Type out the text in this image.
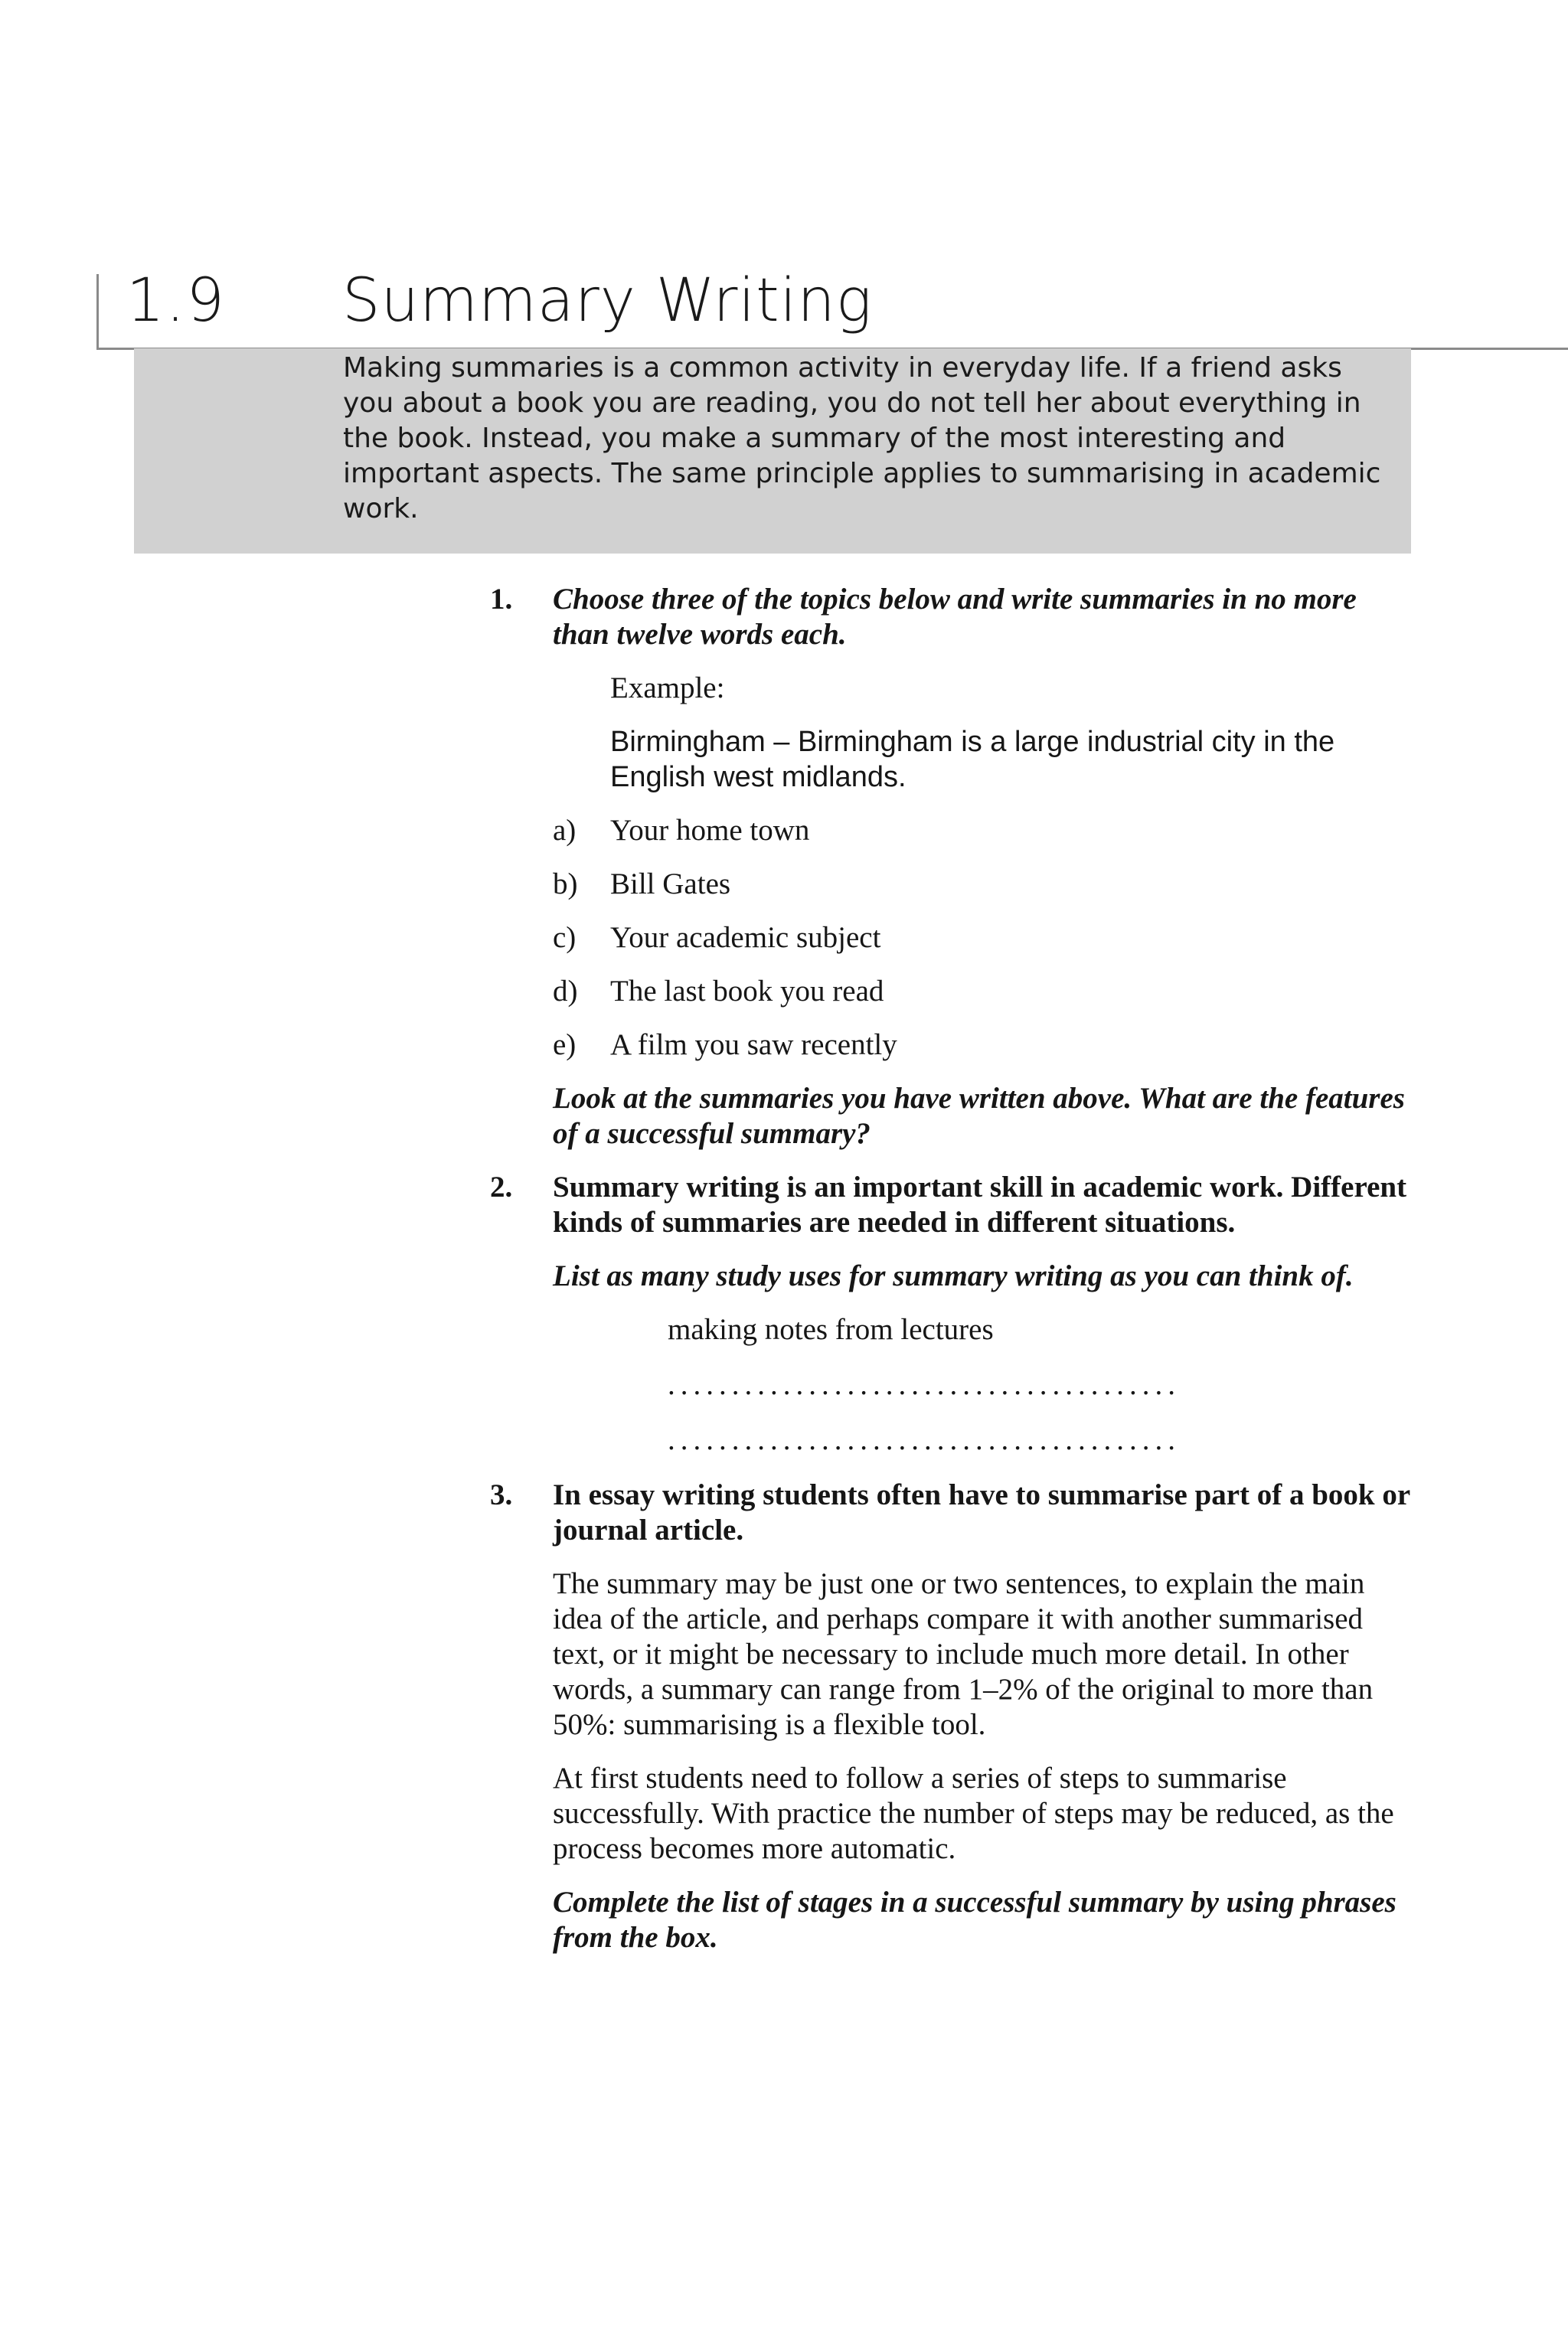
1.9 Summary Writing

Making summaries is a common activity in everyday life. If a friend asks you about a book you are reading, you do not tell her about everything in the book. Instead, you make a summary of the most interesting and important aspects. The same principle applies to summarising in academic work.

1. Choose three of the topics below and write summaries in no more than twelve words each.

Example:

Birmingham – Birmingham is a large industrial city in the English west midlands.

a) Your home town
b) Bill Gates
c) Your academic subject
d) The last book you read
e) A film you saw recently

Look at the summaries you have written above. What are the features of a successful summary?

2. Summary writing is an important skill in academic work. Different kinds of summaries are needed in different situations.

List as many study uses for summary writing as you can think of.

making notes from lectures

........................................

........................................

3. In essay writing students often have to summarise part of a book or journal article.

The summary may be just one or two sentences, to explain the main idea of the article, and perhaps compare it with another summarised text, or it might be necessary to include much more detail. In other words, a summary can range from 1–2% of the original to more than 50%: summarising is a flexible tool.

At first students need to follow a series of steps to summarise successfully. With practice the number of steps may be reduced, as the process becomes more automatic.

Complete the list of stages in a successful summary by using phrases from the box.
